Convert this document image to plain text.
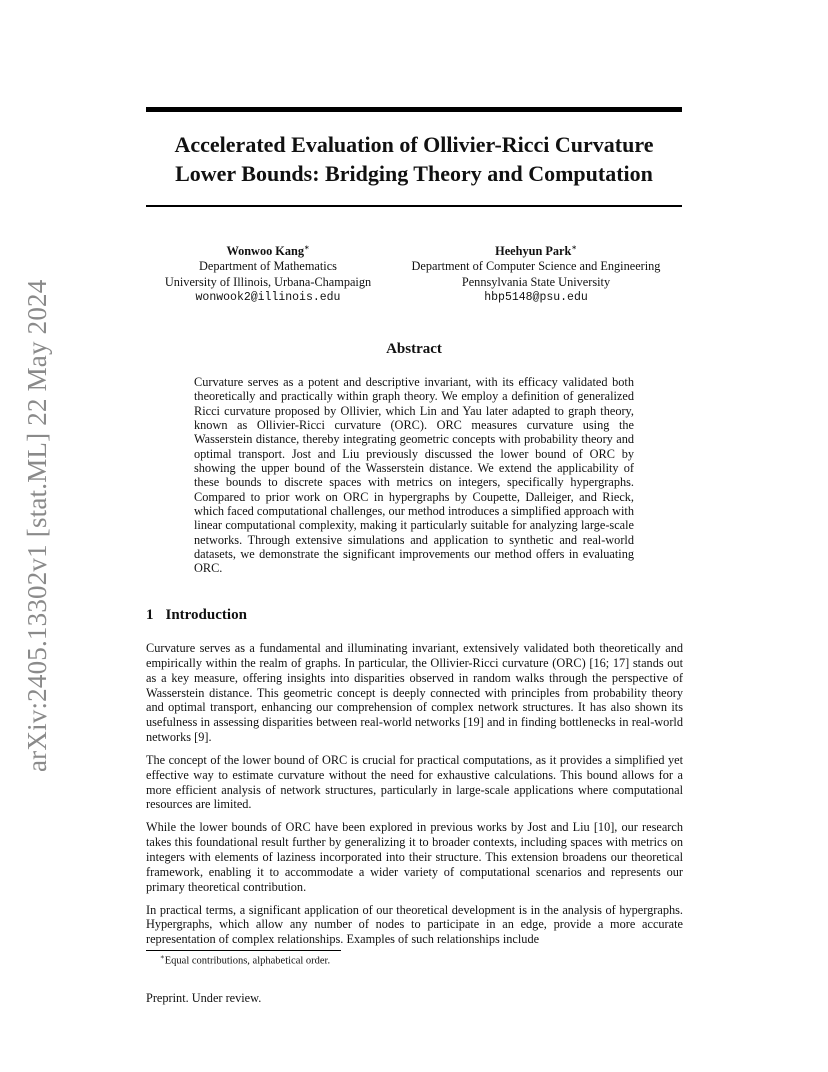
arXiv:2405.13302v1 [stat.ML] 22 May 2024
Accelerated Evaluation of Ollivier-Ricci Curvature
Lower Bounds: Bridging Theory and Computation
Wonwoo Kang∗
Department of Mathematics
University of Illinois, Urbana-Champaign
wonwook2@illinois.edu
Heehyun Park∗
Department of Computer Science and Engineering
Pennsylvania State University
hbp5148@psu.edu
Abstract
Curvature serves as a potent and descriptive invariant, with its efficacy validated both theoretically and practically within graph theory. We employ a definition of generalized Ricci curvature proposed by Ollivier, which Lin and Yau later adapted to graph theory, known as Ollivier-Ricci curvature (ORC). ORC measures curvature using the Wasserstein distance, thereby integrating geometric concepts with probability theory and optimal transport. Jost and Liu previously discussed the lower bound of ORC by showing the upper bound of the Wasserstein distance. We extend the applicability of these bounds to discrete spaces with metrics on integers, specifically hypergraphs. Compared to prior work on ORC in hypergraphs by Coupette, Dalleiger, and Rieck, which faced computational challenges, our method introduces a simplified approach with linear computational complexity, making it particularly suitable for analyzing large-scale networks. Through extensive simulations and application to synthetic and real-world datasets, we demonstrate the significant improvements our method offers in evaluating ORC.
1 Introduction

Curvature serves as a fundamental and illuminating invariant, extensively validated both theoretically and empirically within the realm of graphs. In particular, the Ollivier-Ricci curvature (ORC) [16; 17] stands out as a key measure, offering insights into disparities observed in random walks through the perspective of Wasserstein distance. This geometric concept is deeply connected with principles from probability theory and optimal transport, enhancing our comprehension of complex network structures. It has also shown its usefulness in assessing disparities between real-world networks [19] and in finding bottlenecks in real-world networks [9].

The concept of the lower bound of ORC is crucial for practical computations, as it provides a simplified yet effective way to estimate curvature without the need for exhaustive calculations. This bound allows for a more efficient analysis of network structures, particularly in large-scale applications where computational resources are limited.

While the lower bounds of ORC have been explored in previous works by Jost and Liu [10], our research takes this foundational result further by generalizing it to broader contexts, including spaces with metrics on integers with elements of laziness incorporated into their structure. This extension broadens our theoretical framework, enabling it to accommodate a wider variety of computational scenarios and represents our primary theoretical contribution.

In practical terms, a significant application of our theoretical development is in the analysis of hypergraphs. Hypergraphs, which allow any number of nodes to participate in an edge, provide a more accurate representation of complex relationships. Examples of such relationships include

∗Equal contributions, alphabetical order.
Preprint. Under review.
